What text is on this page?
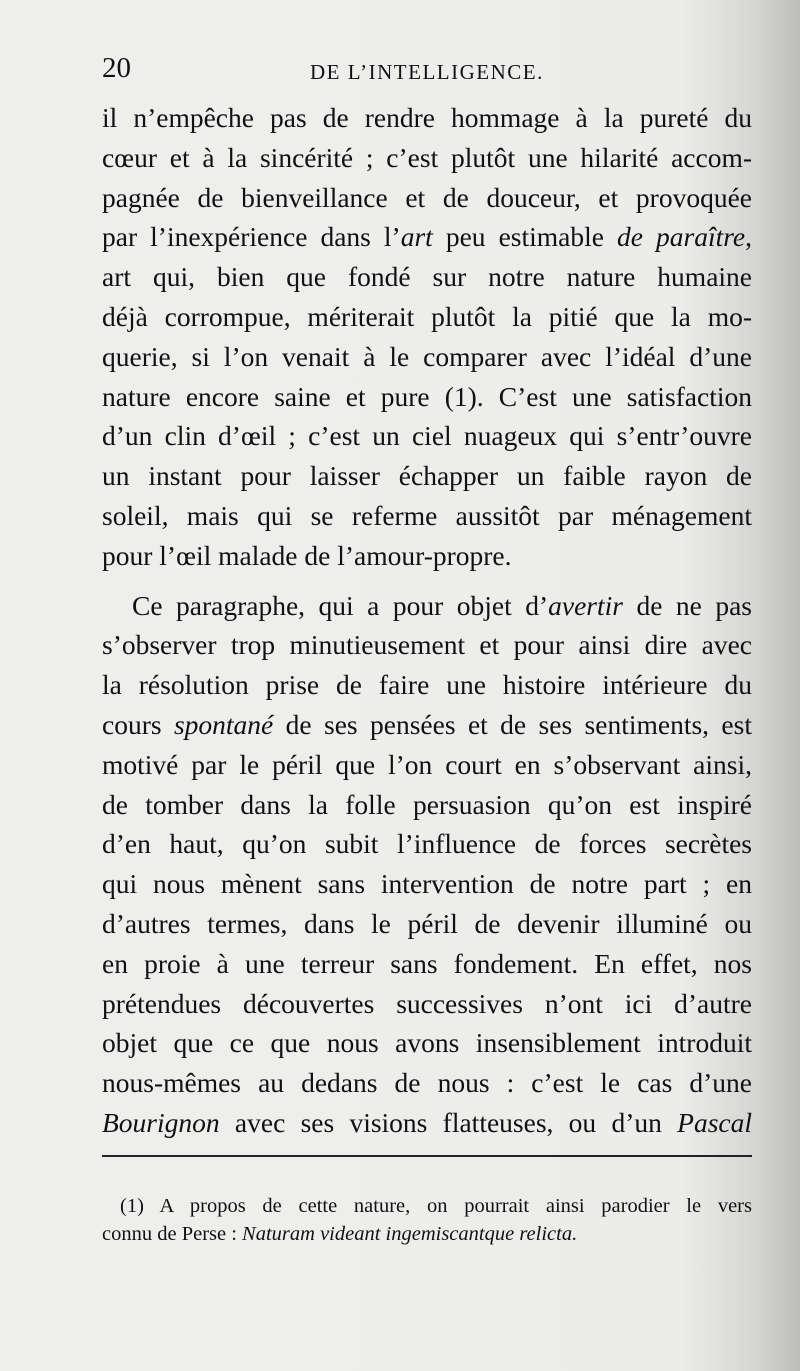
20	DE L’INTELLIGENCE.
il n’empêche pas de rendre hommage à la pureté du
cœur et à la sincérité ; c’est plutôt une hilarité accom-
pagnée de bienveillance et de douceur, et provoquée
par l’inexpérience dans l’art peu estimable de paraître,
art qui, bien que fondé sur notre nature humaine
déjà corrompue, mériterait plutôt la pitié que la mo-
querie, si l’on venait à le comparer avec l’idéal d’une
nature encore saine et pure (1). C’est une satisfaction
d’un clin d’œil ; c’est un ciel nuageux qui s’entr’ouvre
un instant pour laisser échapper un faible rayon de
soleil, mais qui se referme aussitôt par ménagement
pour l’œil malade de l’amour-propre.
Ce paragraphe, qui a pour objet d’avertir de ne pas
s’observer trop minutieusement et pour ainsi dire avec
la résolution prise de faire une histoire intérieure du
cours spontané de ses pensées et de ses sentiments, est
motivé par le péril que l’on court en s’observant ainsi,
de tomber dans la folle persuasion qu’on est inspiré
d’en haut, qu’on subit l’influence de forces secrètes
qui nous mènent sans intervention de notre part ; en
d’autres termes, dans le péril de devenir illuminé ou
en proie à une terreur sans fondement. En effet, nos
prétendues découvertes successives n’ont ici d’autre
objet que ce que nous avons insensiblement introduit
nous-mêmes au dedans de nous : c’est le cas d’une
Bourignon avec ses visions flatteuses, ou d’un Pascal
(1) A propos de cette nature, on pourrait ainsi parodier le vers
connu de Perse : Naturam videant ingemiscantque relicta.
